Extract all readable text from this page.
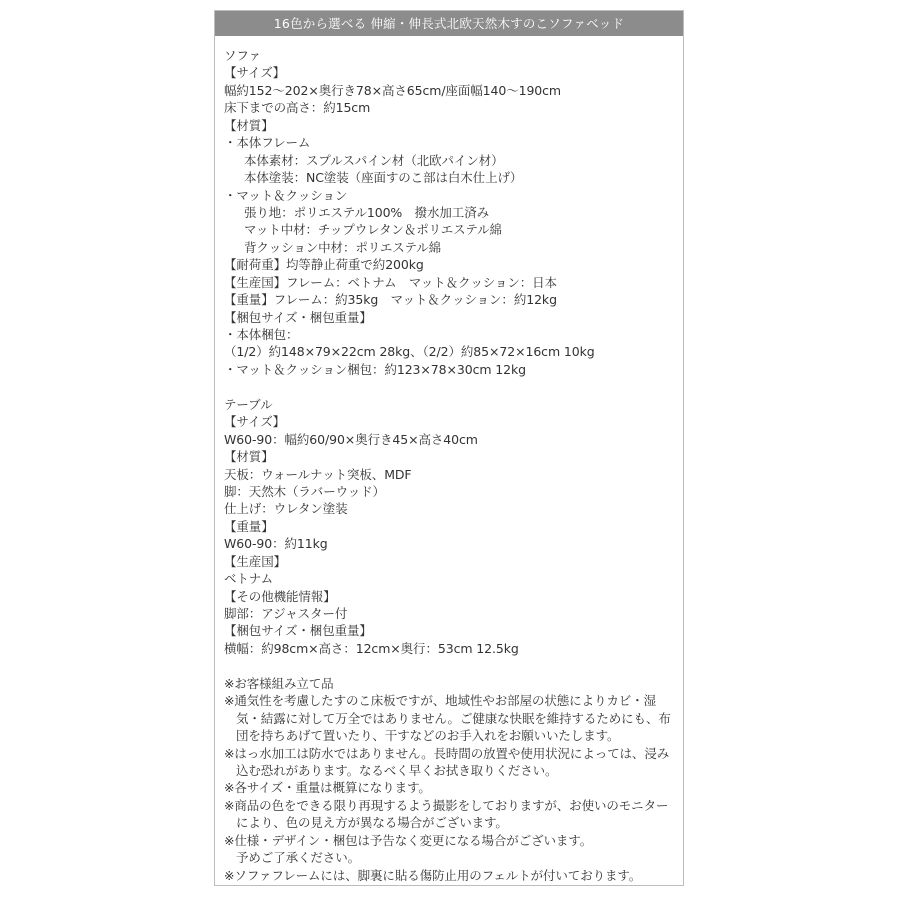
16色から選べる 伸縮・伸長式北欧天然木すのこソファベッド
ソファ
【サイズ】
幅約152～202×奥行き78×高さ65cm/座面幅140～190cm
床下までの高さ：約15cm
【材質】
・本体フレーム
本体素材：スプルスパイン材（北欧パイン材）
本体塗装：NC塗装（座面すのこ部は白木仕上げ）
・マット＆クッション
張り地：ポリエステル100%　撥水加工済み
マット中材：チップウレタン＆ポリエステル綿
背クッション中材：ポリエステル綿
【耐荷重】均等静止荷重で約200kg
【生産国】フレーム：ベトナム　マット＆クッション：日本
【重量】フレーム：約35kg　マット＆クッション：約12kg
【梱包サイズ・梱包重量】
・本体梱包：
（1/2）約148×79×22cm 28kg、（2/2）約85×72×16cm 10kg
・マット＆クッション梱包：約123×78×30cm 12kg
テーブル
【サイズ】
W60-90：幅約60/90×奥行き45×高さ40cm
【材質】
天板：ウォールナット突板、MDF
脚：天然木（ラバーウッド）
仕上げ：ウレタン塗装
【重量】
W60-90：約11kg
【生産国】
ベトナム
【その他機能情報】
脚部：アジャスター付
【梱包サイズ・梱包重量】
横幅：約98cm×高さ：12cm×奥行：53cm 12.5kg
※お客様組み立て品
※通気性を考慮したすのこ床板ですが、地域性やお部屋の状態によりカビ・湿
気・結露に対して万全ではありません。ご健康な快眠を維持するためにも、布
団を持ちあげて置いたり、干すなどのお手入れをお願いいたします。
※はっ水加工は防水ではありません。長時間の放置や使用状況によっては、浸み
込む恐れがあります。なるべく早くお拭き取りください。
※各サイズ・重量は概算になります。
※商品の色をできる限り再現するよう撮影をしておりますが、お使いのモニター
により、色の見え方が異なる場合がございます。
※仕様・デザイン・梱包は予告なく変更になる場合がございます。
予めご了承ください。
※ソファフレームには、脚裏に貼る傷防止用のフェルトが付いております。
